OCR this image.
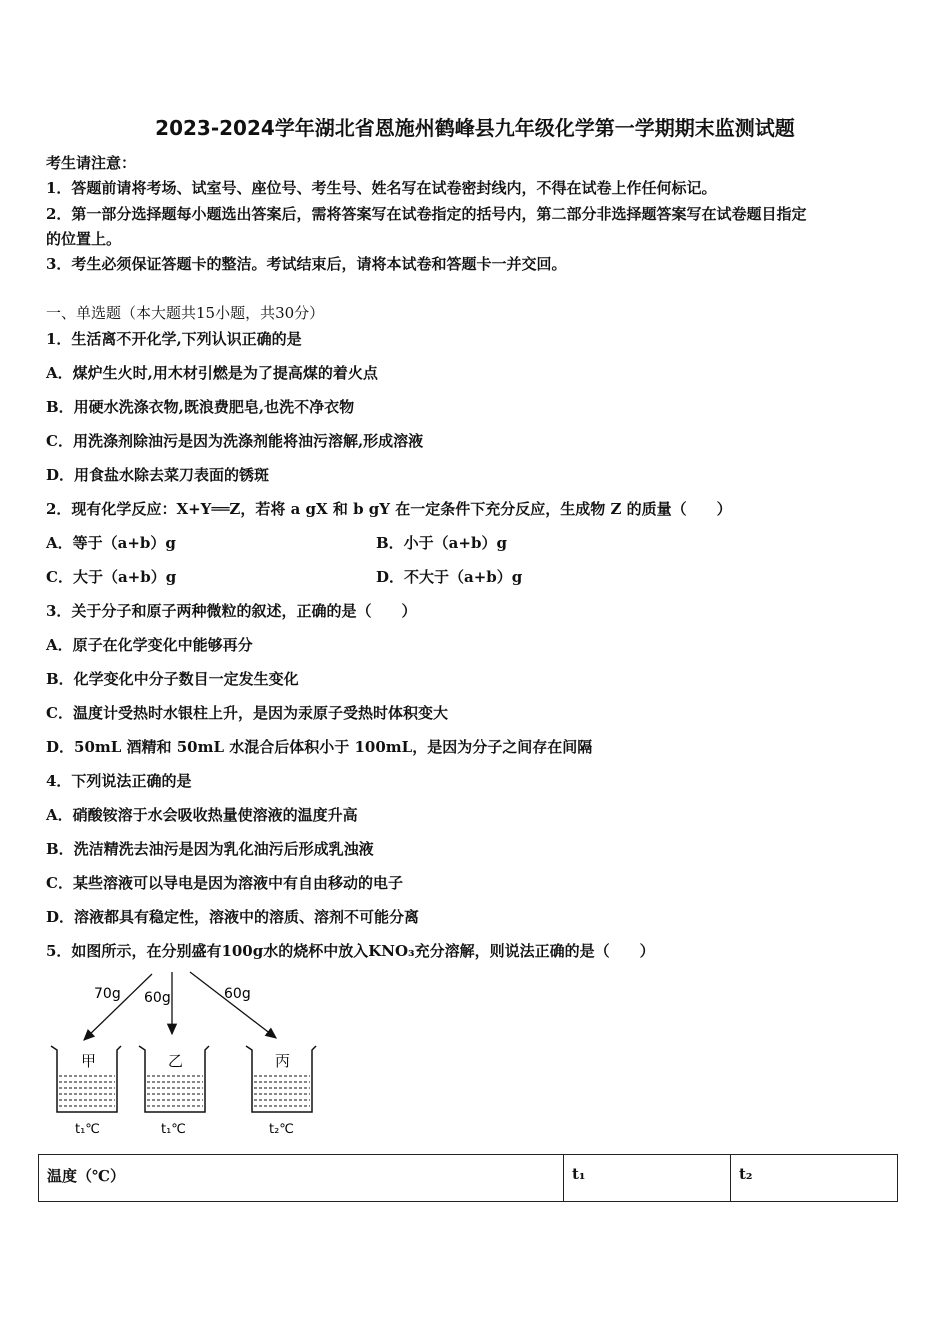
2023-2024学年湖北省恩施州鹤峰县九年级化学第一学期期末监测试题
考生请注意：
1．答题前请将考场、试室号、座位号、考生号、姓名写在试卷密封线内，不得在试卷上作任何标记。
2．第一部分选择题每小题选出答案后，需将答案写在试卷指定的括号内，第二部分非选择题答案写在试卷题目指定
的位置上。
3．考生必须保证答题卡的整洁。考试结束后，请将本试卷和答题卡一并交回。
一、单选题（本大题共15小题，共30分）
1．生活离不开化学,下列认识正确的是
A．煤炉生火时,用木材引燃是为了提高煤的着火点
B．用硬水洗涤衣物,既浪费肥皂,也洗不净衣物
C．用洗涤剂除油污是因为洗涤剂能将油污溶解,形成溶液
D．用食盐水除去菜刀表面的锈斑
2．现有化学反应：X+Y══Z，若将 a gX 和 b gY 在一定条件下充分反应，生成物 Z 的质量（　　）
A．等于（a+b）g	B．小于（a+b）g
C．大于（a+b）g	D．不大于（a+b）g
3．关于分子和原子两种微粒的叙述，正确的是（　　）
A．原子在化学变化中能够再分
B．化学变化中分子数目一定发生变化
C．温度计受热时水银柱上升，是因为汞原子受热时体积变大
D．50mL 酒精和 50mL 水混合后体积小于 100mL，是因为分子之间存在间隔
4．下列说法正确的是
A．硝酸铵溶于水会吸收热量使溶液的温度升高
B．洗洁精洗去油污是因为乳化油污后形成乳浊液
C．某些溶液可以导电是因为溶液中有自由移动的电子
D．溶液都具有稳定性，溶液中的溶质、溶剂不可能分离
5．如图所示，在分别盛有100g水的烧杯中放入KNO₃充分溶解，则说法正确的是（　　）
70g 60g	60g
甲	乙	丙
t₁℃	t₁℃	t₂℃
温度（℃）	t₁	t₂
